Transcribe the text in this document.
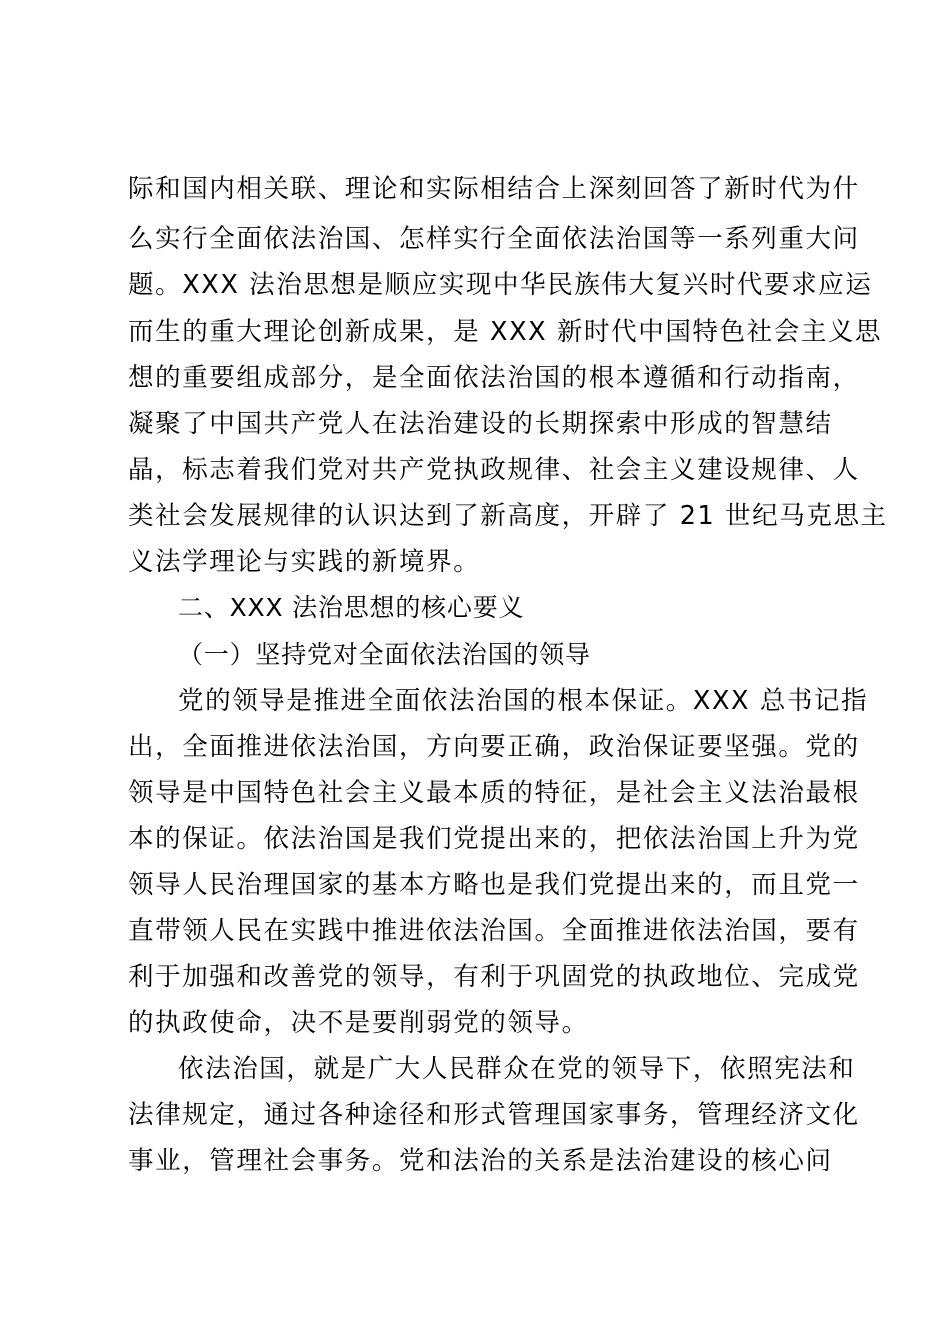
际和国内相关联、理论和实际相结合上深刻回答了新时代为什
么实行全面依法治国、怎样实行全面依法治国等一系列重大问
题。XXX 法治思想是顺应实现中华民族伟大复兴时代要求应运
而生的重大理论创新成果，是 XXX 新时代中国特色社会主义思
想的重要组成部分，是全面依法治国的根本遵循和行动指南，
凝聚了中国共产党人在法治建设的长期探索中形成的智慧结
晶，标志着我们党对共产党执政规律、社会主义建设规律、人
类社会发展规律的认识达到了新高度，开辟了 21 世纪马克思主
义法学理论与实践的新境界。
二、XXX 法治思想的核心要义
（一）坚持党对全面依法治国的领导
党的领导是推进全面依法治国的根本保证。XXX 总书记指
出，全面推进依法治国，方向要正确，政治保证要坚强。党的
领导是中国特色社会主义最本质的特征，是社会主义法治最根
本的保证。依法治国是我们党提出来的，把依法治国上升为党
领导人民治理国家的基本方略也是我们党提出来的，而且党一
直带领人民在实践中推进依法治国。全面推进依法治国，要有
利于加强和改善党的领导，有利于巩固党的执政地位、完成党
的执政使命，决不是要削弱党的领导。
依法治国，就是广大人民群众在党的领导下，依照宪法和
法律规定，通过各种途径和形式管理国家事务，管理经济文化
事业，管理社会事务。党和法治的关系是法治建设的核心问
